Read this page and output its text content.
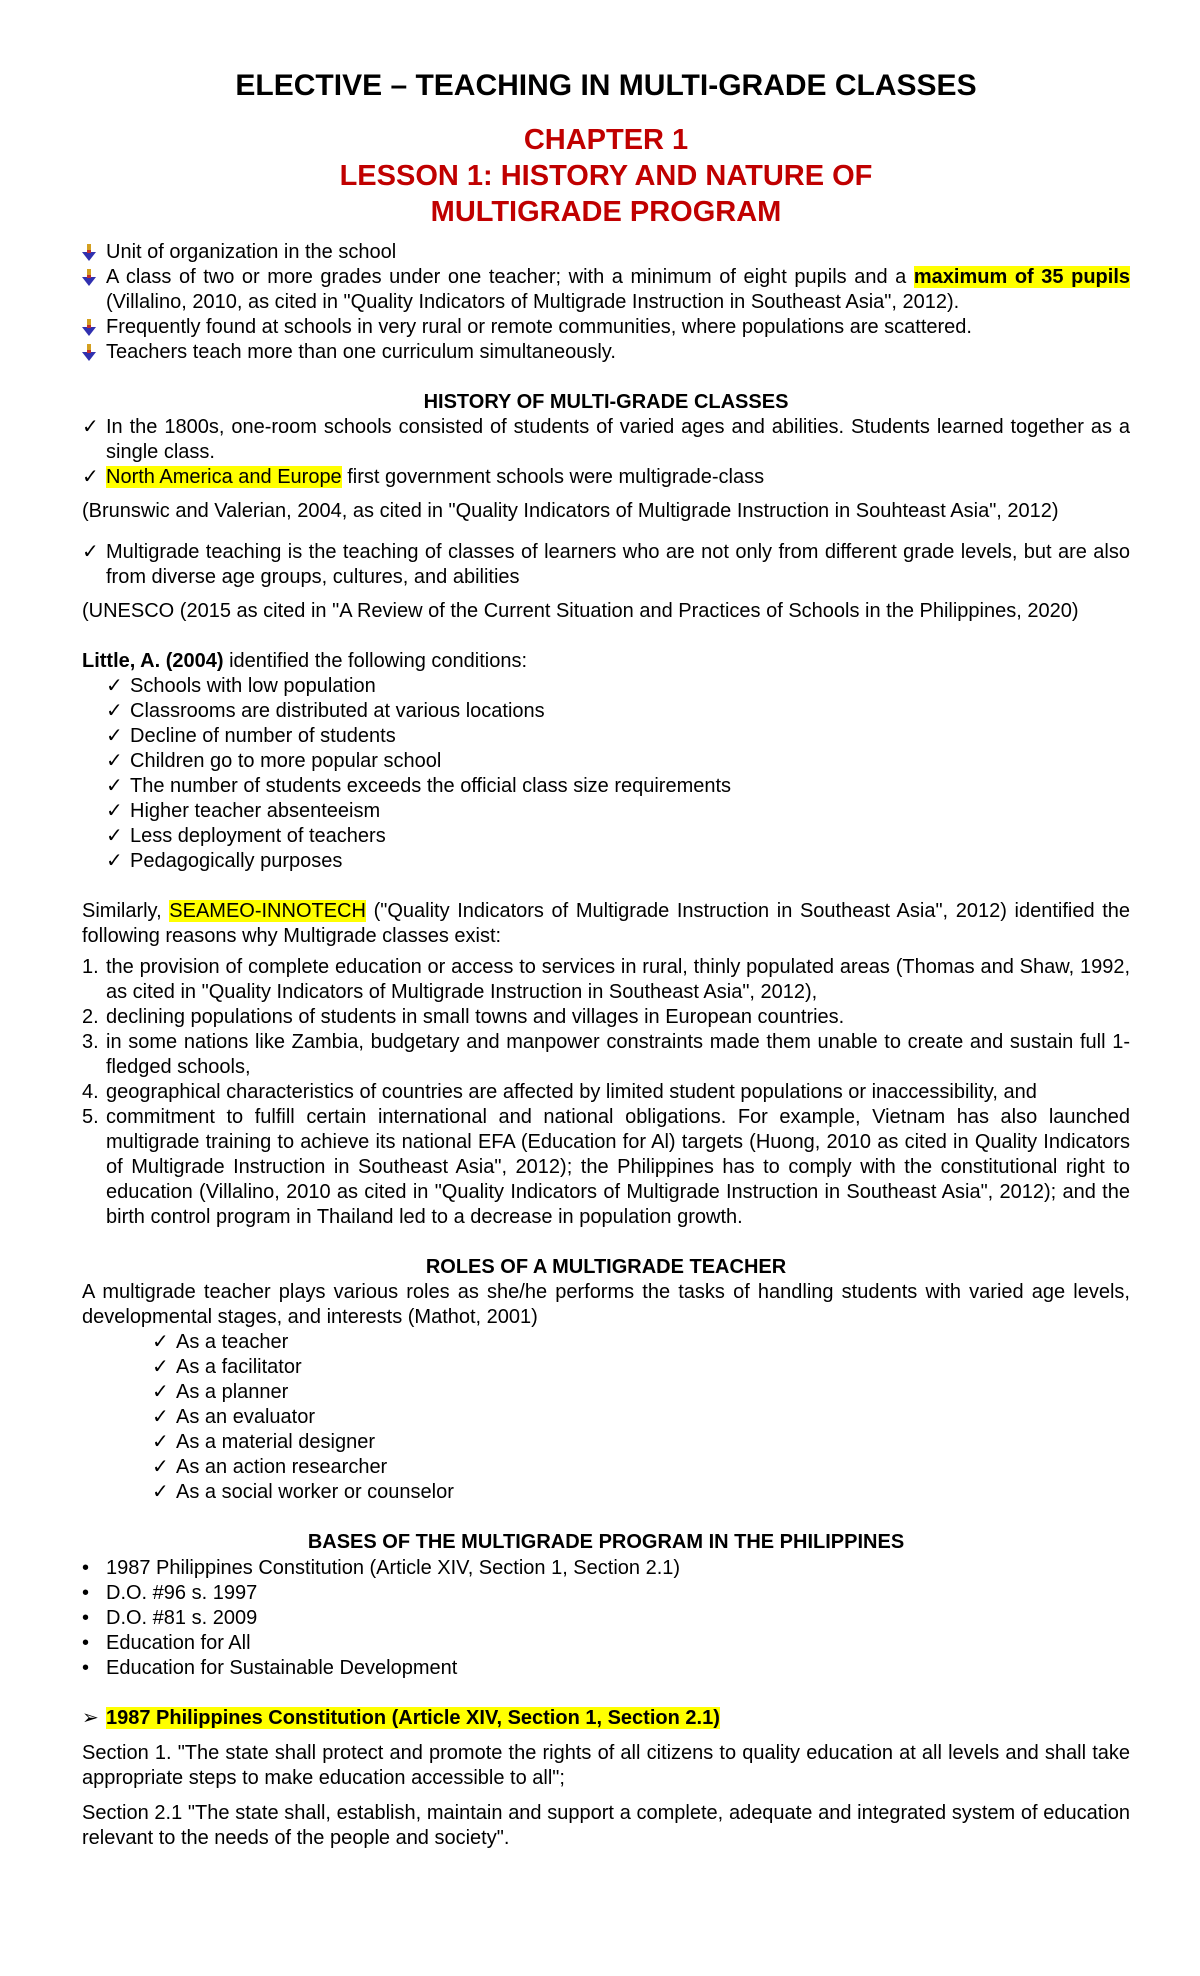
ELECTIVE – TEACHING IN MULTI-GRADE CLASSES
CHAPTER 1
LESSON 1: HISTORY AND NATURE OF
MULTIGRADE PROGRAM
Unit of organization in the school
A class of two or more grades under one teacher; with a minimum of eight pupils and a maximum of 35 pupils (Villalino, 2010, as cited in "Quality Indicators of Multigrade Instruction in Southeast Asia", 2012).
Frequently found at schools in very rural or remote communities, where populations are scattered.
Teachers teach more than one curriculum simultaneously.
HISTORY OF MULTI-GRADE CLASSES
✓ In the 1800s, one-room schools consisted of students of varied ages and abilities. Students learned together as a single class.
✓ North America and Europe first government schools were multigrade-class

(Brunswic and Valerian, 2004, as cited in "Quality Indicators of Multigrade Instruction in Souhteast Asia", 2012)

✓ Multigrade teaching is the teaching of classes of learners who are not only from different grade levels, but are also from diverse age groups, cultures, and abilities

(UNESCO (2015 as cited in "A Review of the Current Situation and Practices of Schools in the Philippines, 2020)

Little, A. (2004) identified the following conditions:

✓ Schools with low population
✓ Classrooms are distributed at various locations
✓ Decline of number of students
✓ Children go to more popular school
✓ The number of students exceeds the official class size requirements
✓ Higher teacher absenteeism
✓ Less deployment of teachers
✓ Pedagogically purposes

Similarly, SEAMEO-INNOTECH ("Quality Indicators of Multigrade Instruction in Southeast Asia", 2012) identified the following reasons why Multigrade classes exist:

1. the provision of complete education or access to services in rural, thinly populated areas (Thomas and Shaw, 1992, as cited in "Quality Indicators of Multigrade Instruction in Southeast Asia", 2012),
2. declining populations of students in small towns and villages in European countries.
3. in some nations like Zambia, budgetary and manpower constraints made them unable to create and sustain full 1-fledged schools,
4. geographical characteristics of countries are affected by limited student populations or inaccessibility, and
5. commitment to fulfill certain international and national obligations. For example, Vietnam has also launched multigrade training to achieve its national EFA (Education for Al) targets (Huong, 2010 as cited in Quality Indicators of Multigrade Instruction in Southeast Asia", 2012); the Philippines has to comply with the constitutional right to education (Villalino, 2010 as cited in "Quality Indicators of Multigrade Instruction in Southeast Asia", 2012); and the birth control program in Thailand led to a decrease in population growth.
ROLES OF A MULTIGRADE TEACHER

A multigrade teacher plays various roles as she/he performs the tasks of handling students with varied age levels, developmental stages, and interests (Mathot, 2001)

✓ As a teacher
✓ As a facilitator
✓ As a planner
✓ As an evaluator
✓ As a material designer
✓ As an action researcher
✓ As a social worker or counselor
BASES OF THE MULTIGRADE PROGRAM IN THE PHILIPPINES
• 1987 Philippines Constitution (Article XIV, Section 1, Section 2.1)
• D.O. #96 s. 1997
• D.O. #81 s. 2009
• Education for All
• Education for Sustainable Development

➢ 1987 Philippines Constitution (Article XIV, Section 1, Section 2.1)

Section 1. "The state shall protect and promote the rights of all citizens to quality education at all levels and shall take appropriate steps to make education accessible to all";

Section 2.1 "The state shall, establish, maintain and support a complete, adequate and integrated system of education relevant to the needs of the people and society".
